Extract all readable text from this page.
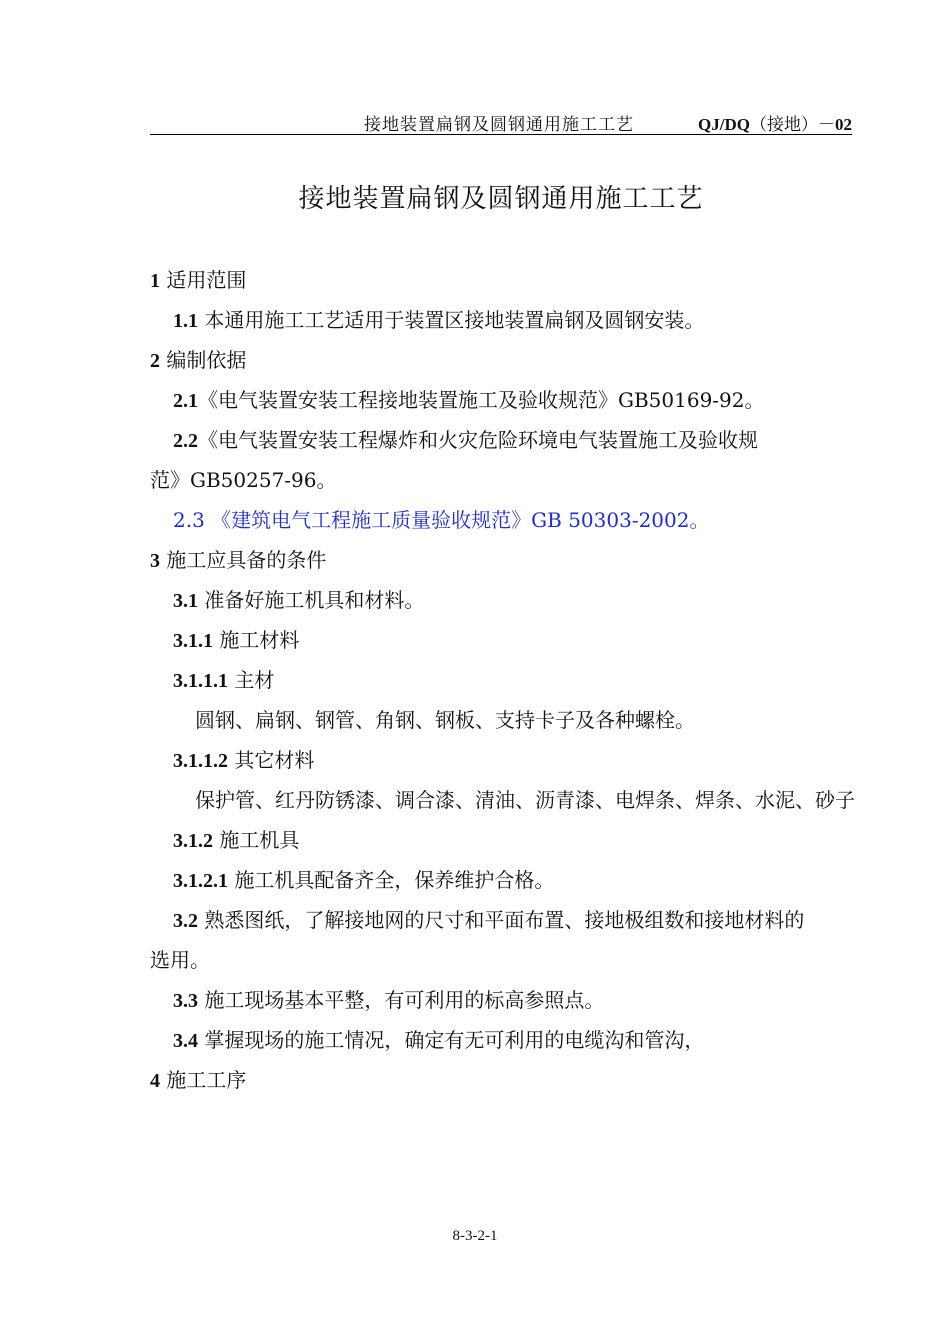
接地装置扁钢及圆钢通用施工工艺	QJ/DQ（接地）－02
接地装置扁钢及圆钢通用施工工艺
1 适用范围
1.1 本通用施工工艺适用于装置区接地装置扁钢及圆钢安装。
2 编制依据
2.1《电气装置安装工程接地装置施工及验收规范》GB50169-92。
2.2《电气装置安装工程爆炸和火灾危险环境电气装置施工及验收规
范》GB50257-96。
2.3 《建筑电气工程施工质量验收规范》GB 50303-2002。
3 施工应具备的条件
3.1 准备好施工机具和材料。
3.1.1 施工材料
3.1.1.1 主材
圆钢、扁钢、钢管、角钢、钢板、支持卡子及各种螺栓。
3.1.1.2 其它材料
保护管、红丹防锈漆、调合漆、清油、沥青漆、电焊条、焊条、水泥、砂子
3.1.2 施工机具
3.1.2.1 施工机具配备齐全，保养维护合格。
3.2 熟悉图纸，了解接地网的尺寸和平面布置、接地极组数和接地材料的
选用。
3.3 施工现场基本平整，有可利用的标高参照点。
3.4 掌握现场的施工情况，确定有无可利用的电缆沟和管沟，
4 施工工序
8-3-2-1
